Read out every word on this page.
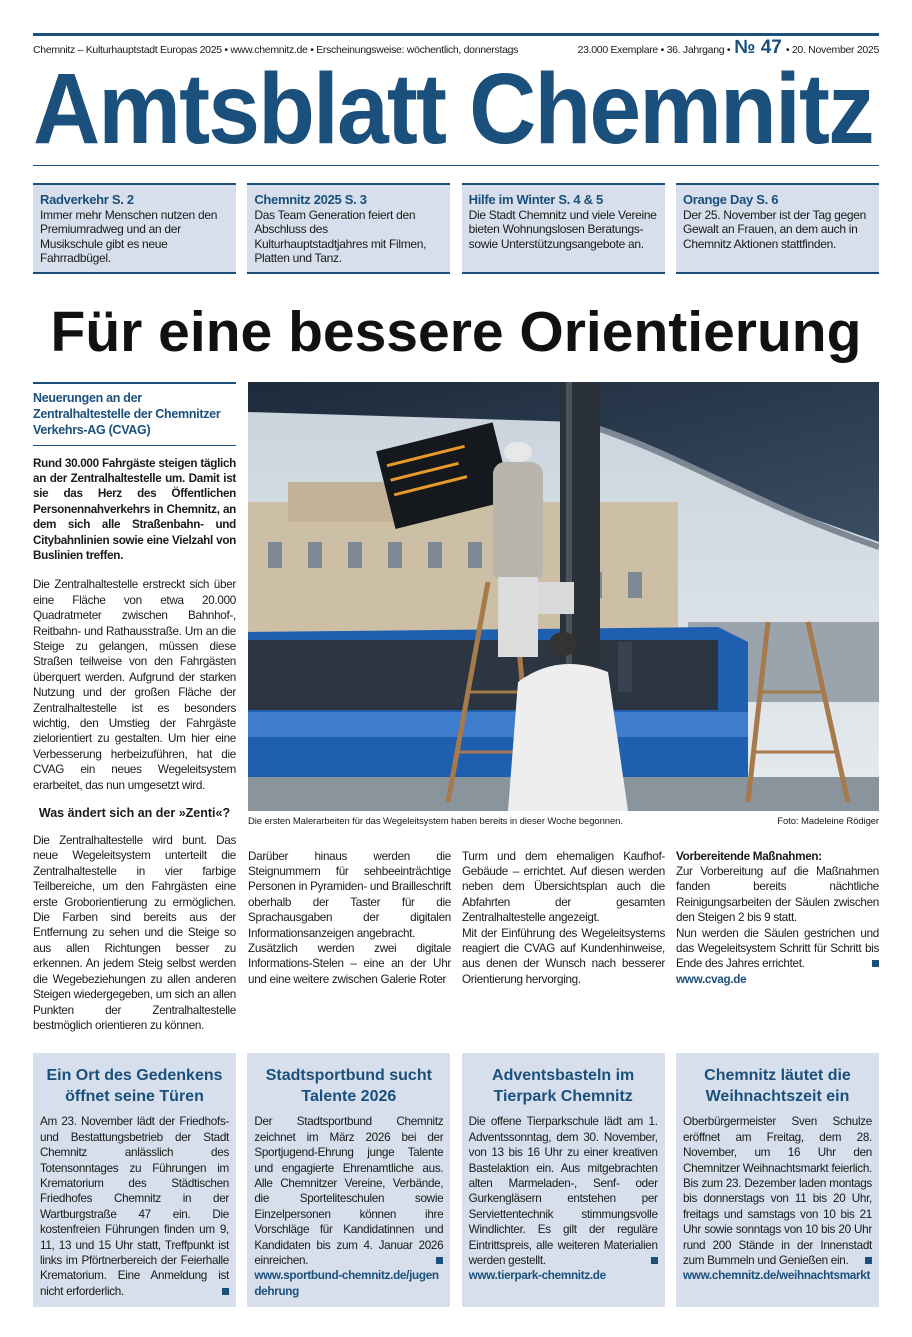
Chemnitz – Kulturhauptstadt Europas 2025 • www.chemnitz.de • Erscheinungsweise: wöchentlich, donnerstags	23.000 Exemplare • 36. Jahrgang • № 47 • 20. November 2025
Amtsblatt Chemnitz
Radverkehr S. 2
Immer mehr Menschen nutzen den Premiumradweg und an der Musikschule gibt es neue Fahrradbügel.
Chemnitz 2025 S. 3
Das Team Generation feiert den Abschluss des Kulturhauptstadtjahres mit Filmen, Platten und Tanz.
Hilfe im Winter S. 4 & 5
Die Stadt Chemnitz und viele Vereine bieten Wohnungslosen Beratungs- sowie Unterstützungsangebote an.
Orange Day S. 6
Der 25. November ist der Tag gegen Gewalt an Frauen, an dem auch in Chemnitz Aktionen stattfinden.
Für eine bessere Orientierung
Neuerungen an der Zentralhaltestelle der Chemnitzer Verkehrs-AG (CVAG)
Rund 30.000 Fahrgäste steigen täglich an der Zentralhaltestelle um. Damit ist sie das Herz des Öffentlichen Personennahverkehrs in Chemnitz, an dem sich alle Straßenbahn- und Citybahnlinien sowie eine Vielzahl von Buslinien treffen.
Die Zentralhaltestelle erstreckt sich über eine Fläche von etwa 20.000 Quadratmeter zwischen Bahnhof-, Reitbahn- und Rathausstraße. Um an die Steige zu gelangen, müssen diese Straßen teilweise von den Fahrgästen überquert werden. Aufgrund der starken Nutzung und der großen Fläche der Zentralhaltestelle ist es besonders wichtig, den Umstieg der Fahrgäste zielorientiert zu gestalten. Um hier eine Verbesserung herbeizuführen, hat die CVAG ein neues Wegeleitsystem erarbeitet, das nun umgesetzt wird.
Was ändert sich an der »Zenti«?
Die Zentralhaltestelle wird bunt. Das neue Wegeleitsystem unterteilt die Zentralhaltestelle in vier farbige Teilbereiche, um den Fahrgästen eine erste Groborientierung zu ermöglichen. Die Farben sind bereits aus der Entfernung zu sehen und die Steige so aus allen Richtungen besser zu erkennen. An jedem Steig selbst werden die Wegebeziehungen zu allen anderen Steigen wiedergegeben, um sich an allen Punkten der Zentralhaltestelle bestmöglich orientieren zu können.
Die ersten Malerarbeiten für das Wegeleitsystem haben bereits in dieser Woche begonnen.	Foto: Madeleine Rödiger
Darüber hinaus werden die Steignummern für sehbeeinträchtige Personen in Pyramiden- und Brailleschrift oberhalb der Taster für die Sprachausgaben der digitalen Informationsanzeigen angebracht.
Zusätzlich werden zwei digitale Informations-Stelen – eine an der Uhr und eine weitere zwischen Galerie Roter
Turm und dem ehemaligen Kaufhof-Gebäude – errichtet. Auf diesen werden neben dem Übersichtsplan auch die Abfahrten der gesamten Zentralhaltestelle angezeigt.
Mit der Einführung des Wegeleitsystems reagiert die CVAG auf Kundenhinweise, aus denen der Wunsch nach besserer Orientierung hervorging.
Vorbereitende Maßnahmen:
Zur Vorbereitung auf die Maßnahmen fanden bereits nächtliche Reinigungsarbeiten der Säulen zwischen den Steigen 2 bis 9 statt.
Nun werden die Säulen gestrichen und das Wegeleitsystem Schritt für Schritt bis Ende des Jahres errichtet.
www.cvag.de
Ein Ort des Gedenkens öffnet seine Türen
Am 23. November lädt der Friedhofs- und Bestattungsbetrieb der Stadt Chemnitz anlässlich des Totensonntages zu Führungen im Krematorium des Städtischen Friedhofes Chemnitz in der Wartburgstraße 47 ein. Die kostenfreien Führungen finden um 9, 11, 13 und 15 Uhr statt, Treffpunkt ist links im Pförtnerbereich der Feierhalle Krematorium. Eine Anmeldung ist nicht erforderlich.
Stadtsportbund sucht Talente 2026
Der Stadtsportbund Chemnitz zeichnet im März 2026 bei der Sportjugend-Ehrung junge Talente und engagierte Ehrenamtliche aus. Alle Chemnitzer Vereine, Verbände, die Sporteliteschulen sowie Einzelpersonen können ihre Vorschläge für Kandidatinnen und Kandidaten bis zum 4. Januar 2026 einreichen.
www.sportbund-chemnitz.de/jugendehrung
Adventsbasteln im Tierpark Chemnitz
Die offene Tierparkschule lädt am 1. Adventssonntag, dem 30. November, von 13 bis 16 Uhr zu einer kreativen Bastelaktion ein. Aus mitgebrachten alten Marmeladen-, Senf- oder Gurkengläsern entstehen per Serviettentechnik stimmungsvolle Windlichter. Es gilt der reguläre Eintrittspreis, alle weiteren Materialien werden gestellt.
www.tierpark-chemnitz.de
Chemnitz läutet die Weihnachtszeit ein
Oberbürgermeister Sven Schulze eröffnet am Freitag, dem 28. November, um 16 Uhr den Chemnitzer Weihnachtsmarkt feierlich. Bis zum 23. Dezember laden montags bis donnerstags von 11 bis 20 Uhr, freitags und samstags von 10 bis 21 Uhr sowie sonntags von 10 bis 20 Uhr rund 200 Stände in der Innenstadt zum Bummeln und Genießen ein.
www.chemnitz.de/weihnachtsmarkt
